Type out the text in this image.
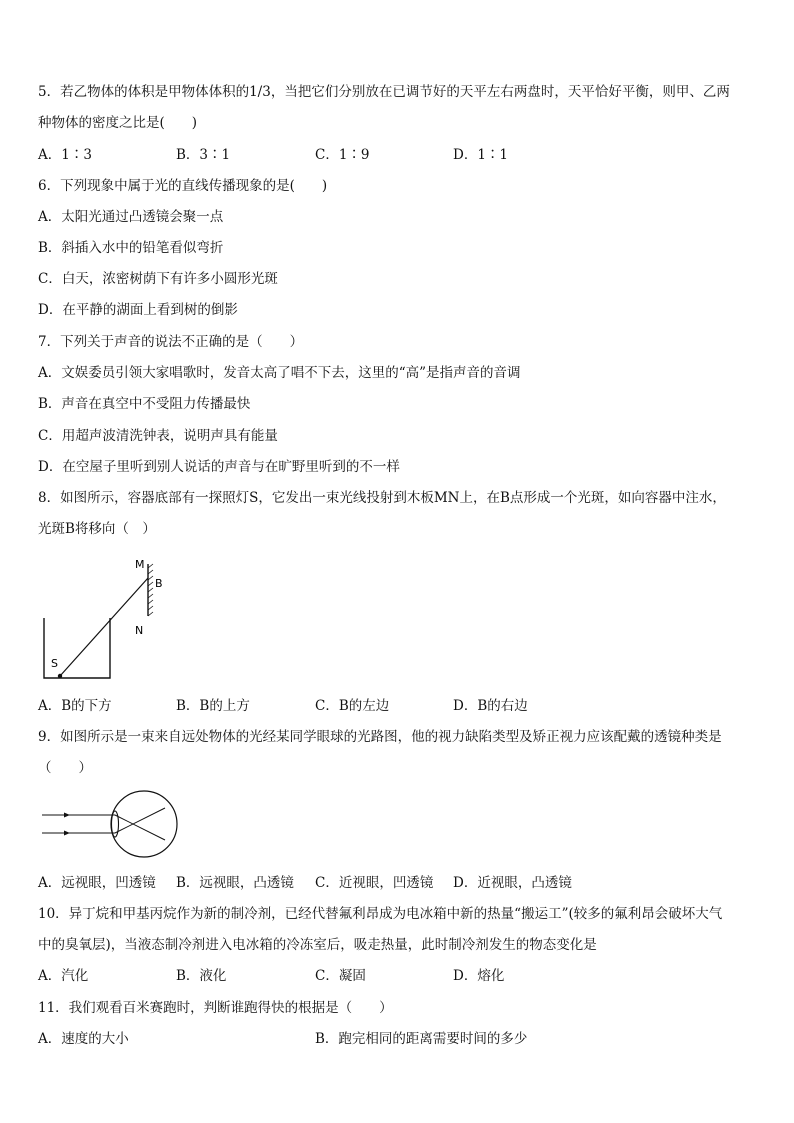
5．若乙物体的体积是甲物体体积的1/3，当把它们分别放在已调节好的天平左右两盘时，天平恰好平衡，则甲、乙两
种物体的密度之比是(　　)
A．1∶3	B．3∶1	C．1∶9	D．1∶1
6．下列现象中属于光的直线传播现象的是(　　)
A．太阳光通过凸透镜会聚一点
B．斜插入水中的铅笔看似弯折
C．白天，浓密树荫下有许多小圆形光斑
D．在平静的湖面上看到树的倒影
7．下列关于声音的说法不正确的是（　　）
A．文娱委员引领大家唱歌时，发音太高了唱不下去，这里的“高”是指声音的音调
B．声音在真空中不受阻力传播最快
C．用超声波清洗钟表，说明声具有能量
D．在空屋子里听到别人说话的声音与在旷野里听到的不一样
8．如图所示，容器底部有一探照灯S，它发出一束光线投射到木板MN上，在B点形成一个光斑，如向容器中注水，
光斑B将移向（　）
M
B
N
S
A．B的下方	B．B的上方	C．B的左边	D．B的右边
9．如图所示是一束来自远处物体的光经某同学眼球的光路图，他的视力缺陷类型及矫正视力应该配戴的透镜种类是
（　　）
A．远视眼，凹透镜 B．远视眼，凸透镜 C．近视眼，凹透镜 D．近视眼，凸透镜
10．异丁烷和甲基丙烷作为新的制冷剂，已经代替氟利昂成为电冰箱中新的热量“搬运工”(较多的氟利昂会破坏大气
中的臭氧层)，当液态制冷剂进入电冰箱的冷冻室后，吸走热量，此时制冷剂发生的物态变化是
A．汽化	B．液化	C．凝固	D．熔化
11．我们观看百米赛跑时，判断谁跑得快的根据是（　　）
A．速度的大小	B．跑完相同的距离需要时间的多少
